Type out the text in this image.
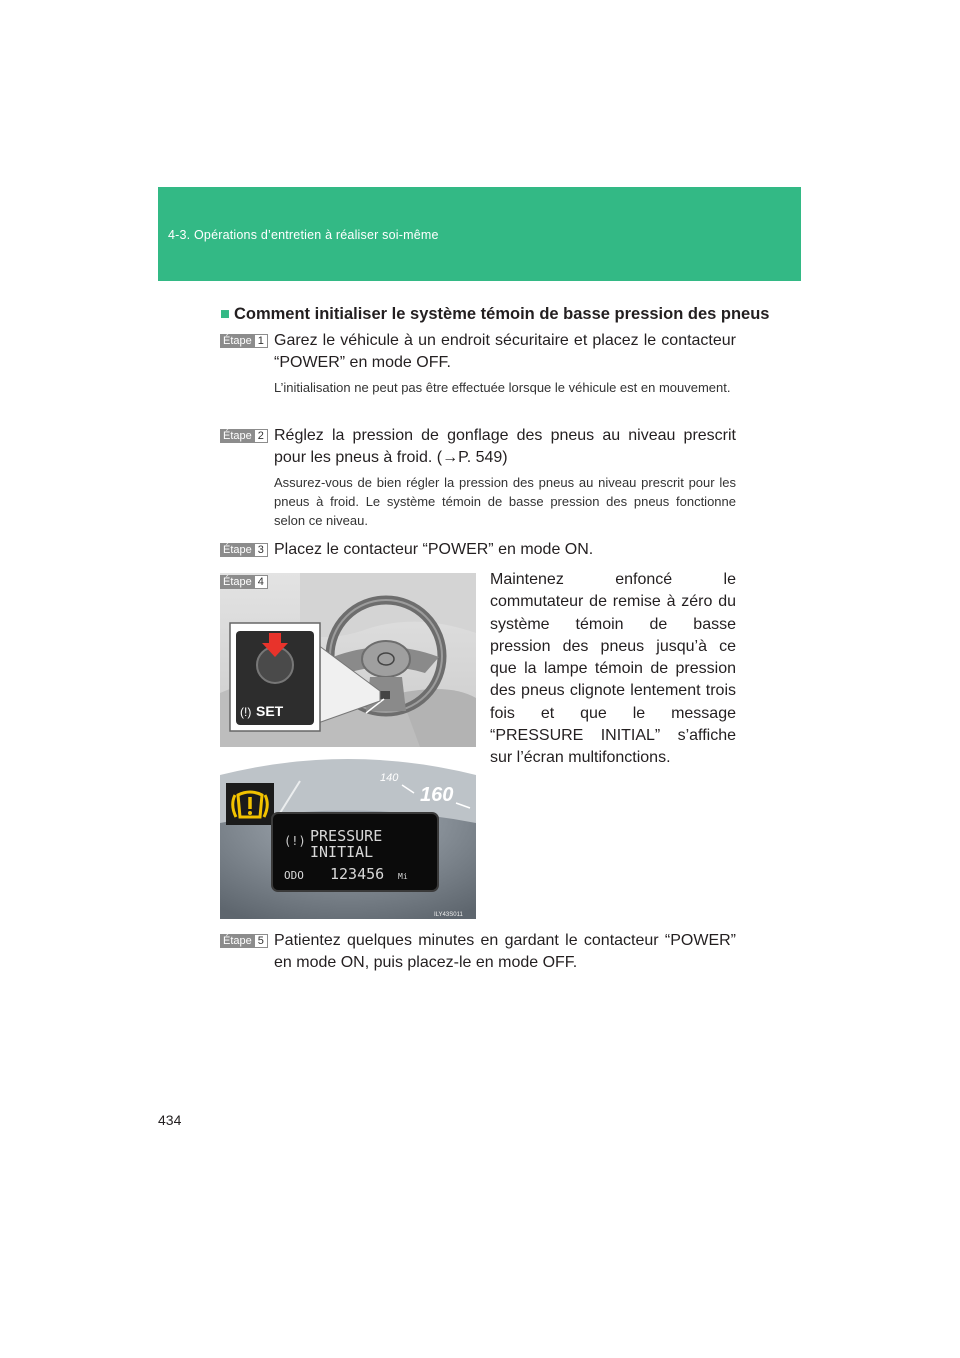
4-3. Opérations d’entretien à réaliser soi-même
■ Comment initialiser le système témoin de basse pression des pneus
Étape 1 Garez le véhicule à un endroit sécuritaire et placez le contacteur “POWER” en mode OFF.
L’initialisation ne peut pas être effectuée lorsque le véhicule est en mouvement.
Étape 2 Réglez la pression de gonflage des pneus au niveau prescrit pour les pneus à froid. (→P. 549)
Assurez-vous de bien régler la pression des pneus au niveau prescrit pour les pneus à froid. Le système témoin de basse pression des pneus fonctionne selon ce niveau.
Étape 3 Placez le contacteur “POWER” en mode ON.
Étape 4	Maintenez enfoncé le commutateur de remise à zéro du système témoin de basse pression des pneus jusqu’à ce que la lampe témoin de pression des pneus clignote lentement trois fois et que le message “PRESSURE INITIAL” s’affiche sur l’écran multifonctions.
SET
(!)
160
140
(!) PRESSURE
INITIAL
ODO 123456 Mi
ILY43S011
Étape 5 Patientez quelques minutes en gardant le contacteur “POWER” en mode ON, puis placez-le en mode OFF.
434
